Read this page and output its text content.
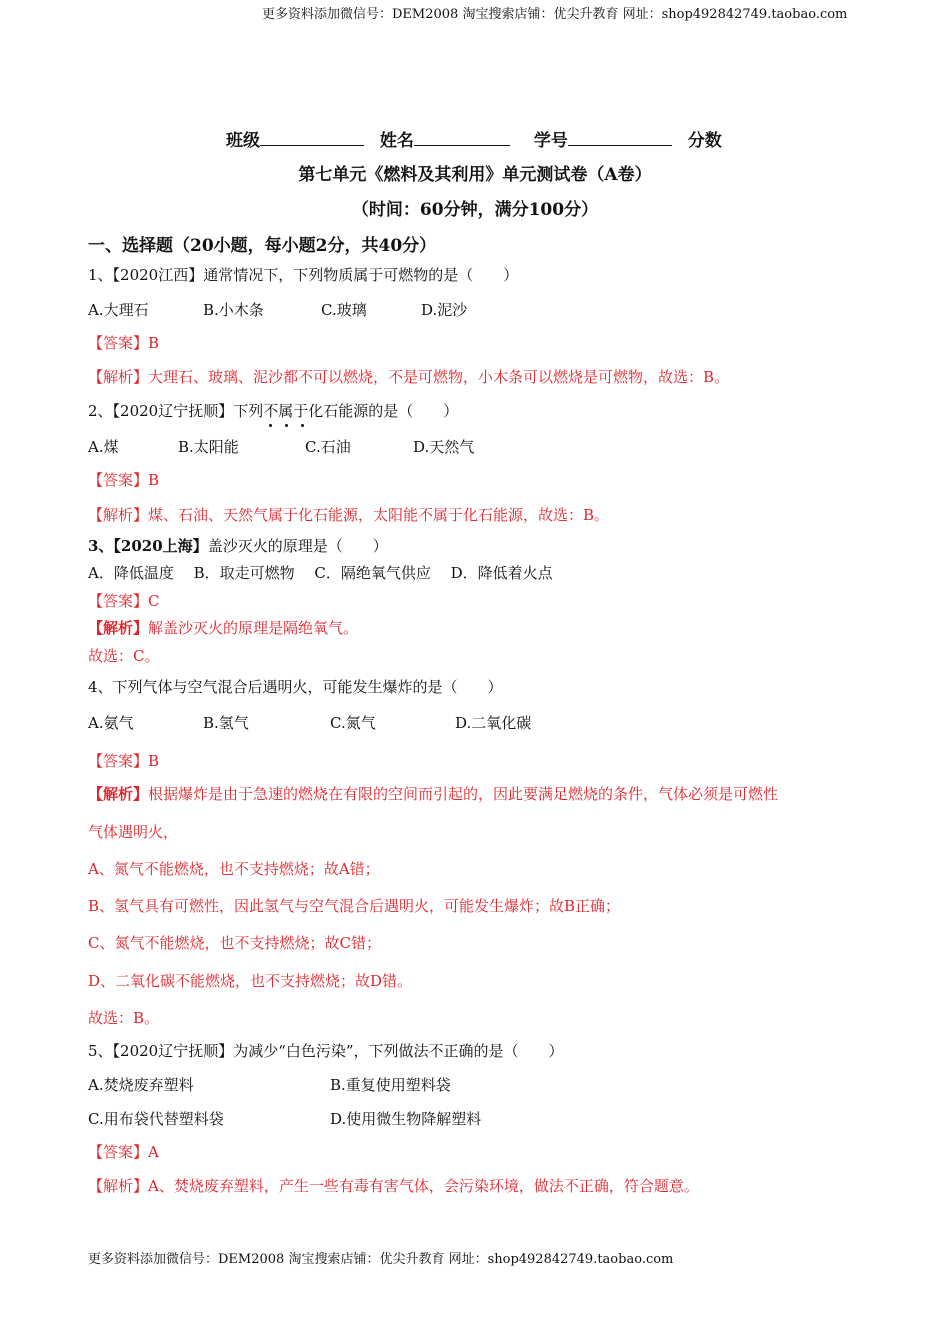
更多资料添加微信号：DEM2008 淘宝搜索店铺：优尖升教育 网址：shop492842749.taobao.com
班级	姓名	学号	分数
第七单元《燃料及其利用》单元测试卷（A卷）
（时间：60分钟，满分100分）
一、选择题（20小题，每小题2分，共40分）
1、【2020江西】通常情况下，下列物质属于可燃物的是（　　）
A.大理石	B.小木条	C.玻璃	D.泥沙
【答案】B
【解析】大理石、玻璃、泥沙都不可以燃烧，不是可燃物，小木条可以燃烧是可燃物，故选：B。
2、【2020辽宁抚顺】下列不属于
化石能源的是（　　）
A.煤	B.太阳能	C.石油	D.天然气
【答案】B
【解析】煤、石油、天然气属于化石能源，太阳能不属于化石能源，故选：B。
3、【2020上海】盖沙灭火的原理是（　　）
A．降低温度　 B．取走可燃物　 C．隔绝氧气供应　 D．降低着火点
【答案】C
【解析】解盖沙灭火的原理是隔绝氧气。
故选：C。
4、下列气体与空气混合后遇明火，可能发生爆炸的是（　　）
A.氨气	B.氢气	C.氮气	D.二氧化碳
【答案】B
【解析】根据爆炸是由于急速的燃烧在有限的空间而引起的，因此要满足燃烧的条件，气体必须是可燃性
气体遇明火，
A、氮气不能燃烧，也不支持燃烧；故A错；
B、氢气具有可燃性，因此氢气与空气混合后遇明火，可能发生爆炸；故B正确；
C、氮气不能燃烧，也不支持燃烧；故C错；
D、二氧化碳不能燃烧，也不支持燃烧；故D错。
故选：B。
5、【2020辽宁抚顺】为减少“白色污染”，下列做法不正确的是（　　）
A.焚烧废弃塑料	B.重复使用塑料袋
C.用布袋代替塑料袋	D.使用微生物降解塑料
【答案】A
【解析】A、焚烧废弃塑料，产生一些有毒有害气体，会污染环境，做法不正确，符合题意。
更多资料添加微信号：DEM2008 淘宝搜索店铺：优尖升教育 网址：shop492842749.taobao.com
